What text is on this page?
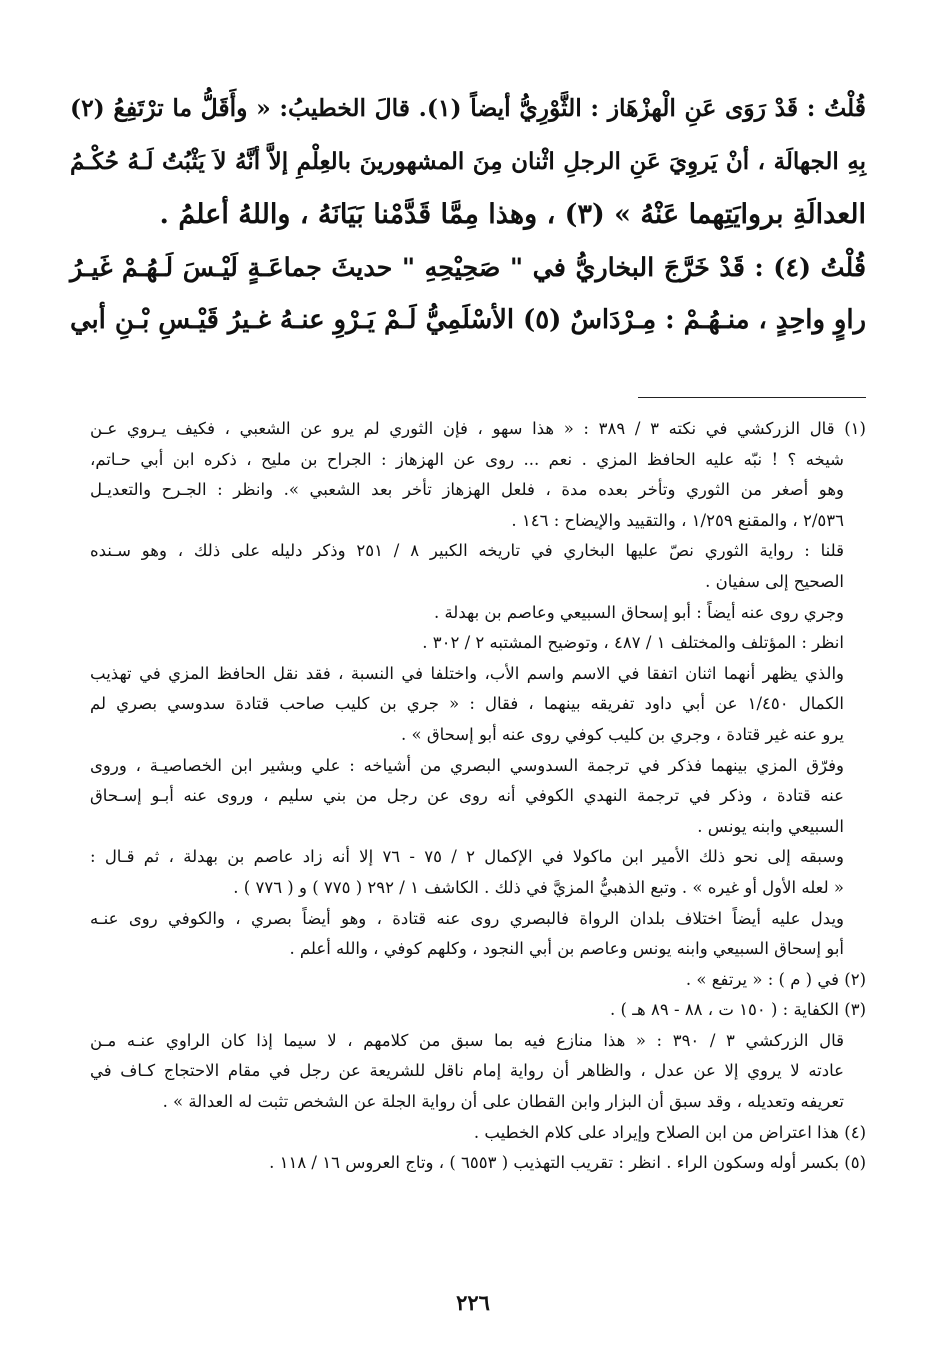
قُلْتُ : قَدْ رَوَى عَنِ الْهزْهَاز : الثَّوْرِيُّ أيضاً (١). قالَ الخطيبُ: « وأَقَلُّ ما ترْتَفِعُ (٢)
بِهِ الجهالَة ، أنْ يَروِيَ عَنِ الرجلِ اثْنان مِنَ المشهورينَ بالعِلْمِ إلاَّ أنَّهُ لاَ يَثْبُتُ لَـهُ حُكْـمُ
العدالَةِ بروايَتِهما عَنْهُ » (٣) ، وهذا مِمَّا قَدَّمْنا بَيَانَهُ ، واللهُ أعلمُ .
قُلْتُ (٤) : قَدْ خَرَّجَ البخاريُّ في " صَحِيْحِهِ " حديثَ جماعَـةٍ لَيْـسَ لَـهُـمْ غَيـرُ
راوٍ واحِدٍ ، منـهُـمْ : مِـرْدَاسٌ (٥) الأسْلَمِيُّ لَـمْ يَـرْوِ عنـهُ غـيرُ قَيْـسِ بْـنِ أبي
(١) قال الزركشي في نكته ٣ / ٣٨٩ : « هذا سهو ، فإن الثوري لم يرو عن الشعبي ، فكيف يـروي عـن
شيخه ؟ ! نبّه عليه الحافظ المزي . نعم ... روى عن الهزهاز : الجراح بن مليح ، ذكره ابن أبي حـاتم،
وهو أصغر من الثوري وتأخر بعده مدة ، فلعل الهزهاز تأخر بعد الشعبي ». وانظر : الجـرح والتعديـل
٢/٥٣٦ ، والمقنع ١/٢٥٩ ، والتقييد والإيضاح : ١٤٦ .
قلنا : رواية الثوري نصّ عليها البخاري في تاريخه الكبير ٨ / ٢٥١ وذكر دليله على ذلك ، وهو سـنده
الصحيح إلى سفيان .
وجري روى عنه أيضاً : أبو إسحاق السبيعي وعاصم بن بهدلة .
انظر : المؤتلف والمختلف ١ / ٤٨٧ ، وتوضيح المشتبه ٢ / ٣٠٢ .
والذي يظهر أنهما اثنان اتفقا في الاسم واسم الأب، واختلفا في النسبة ، فقد نقل الحافظ المزي في تهذيب
الكمال ١/٤٥٠ عن أبي داود تفريقه بينهما ، فقال : « جري بن كليب صاحب قتادة سدوسي بصري لم
يرو عنه غير قتادة ، وجري بن كليب كوفي روى عنه أبو إسحاق » .
وفرّق المزي بينهما فذكر في ترجمة السدوسي البصري من أشياخه : علي وبشير ابن الخصاصيـة ، وروى
عنه قتادة ، وذكر في ترجمة النهدي الكوفي أنه روى عن رجل من بني سليم ، وروى عنه أبـو إسـحاق
السبيعي وابنه يونس .
وسبقه إلى نحو ذلك الأمير ابن ماكولا في الإكمال ٢ / ٧٥ - ٧٦ إلا أنه زاد عاصم بن بهدلة ، ثم قـال :
« لعله الأول أو غيره » . وتبع الذهبيُّ المزيَّ في ذلك . الكاشف ١ / ٢٩٢ ( ٧٧٥ ) و ( ٧٧٦ ) .
ويدل عليه أيضاً اختلاف بلدان الرواة فالبصري روى عنه قتادة ، وهو أيضاً بصري ، والكوفي روى عنـه
أبو إسحاق السبيعي وابنه يونس وعاصم بن أبي النجود ، وكلهم كوفي ، والله أعلم .
(٢) في ( م ) : « يرتفع » .
(٣) الكفاية : ( ١٥٠ ت ، ٨٨ - ٨٩ هـ ) .
قال الزركشي ٣ / ٣٩٠ : « هذا منازع فيه بما سبق من كلامهم ، لا سيما إذا كان الراوي عنـه مـن
عادته لا يروي إلا عن عدل ، والظاهر أن رواية إمام ناقل للشريعة عن رجل في مقام الاحتجاج كـاف في
تعريفه وتعديله ، وقد سبق أن البزار وابن القطان على أن رواية الجلة عن الشخص تثبت له العدالة » .
(٤) هذا اعتراض من ابن الصلاح وإيراد على كلام الخطيب .
(٥) بكسر أوله وسكون الراء . انظر : تقريب التهذيب ( ٦٥٥٣ ) ، وتاج العروس ١٦ / ١١٨ .
٢٢٦
